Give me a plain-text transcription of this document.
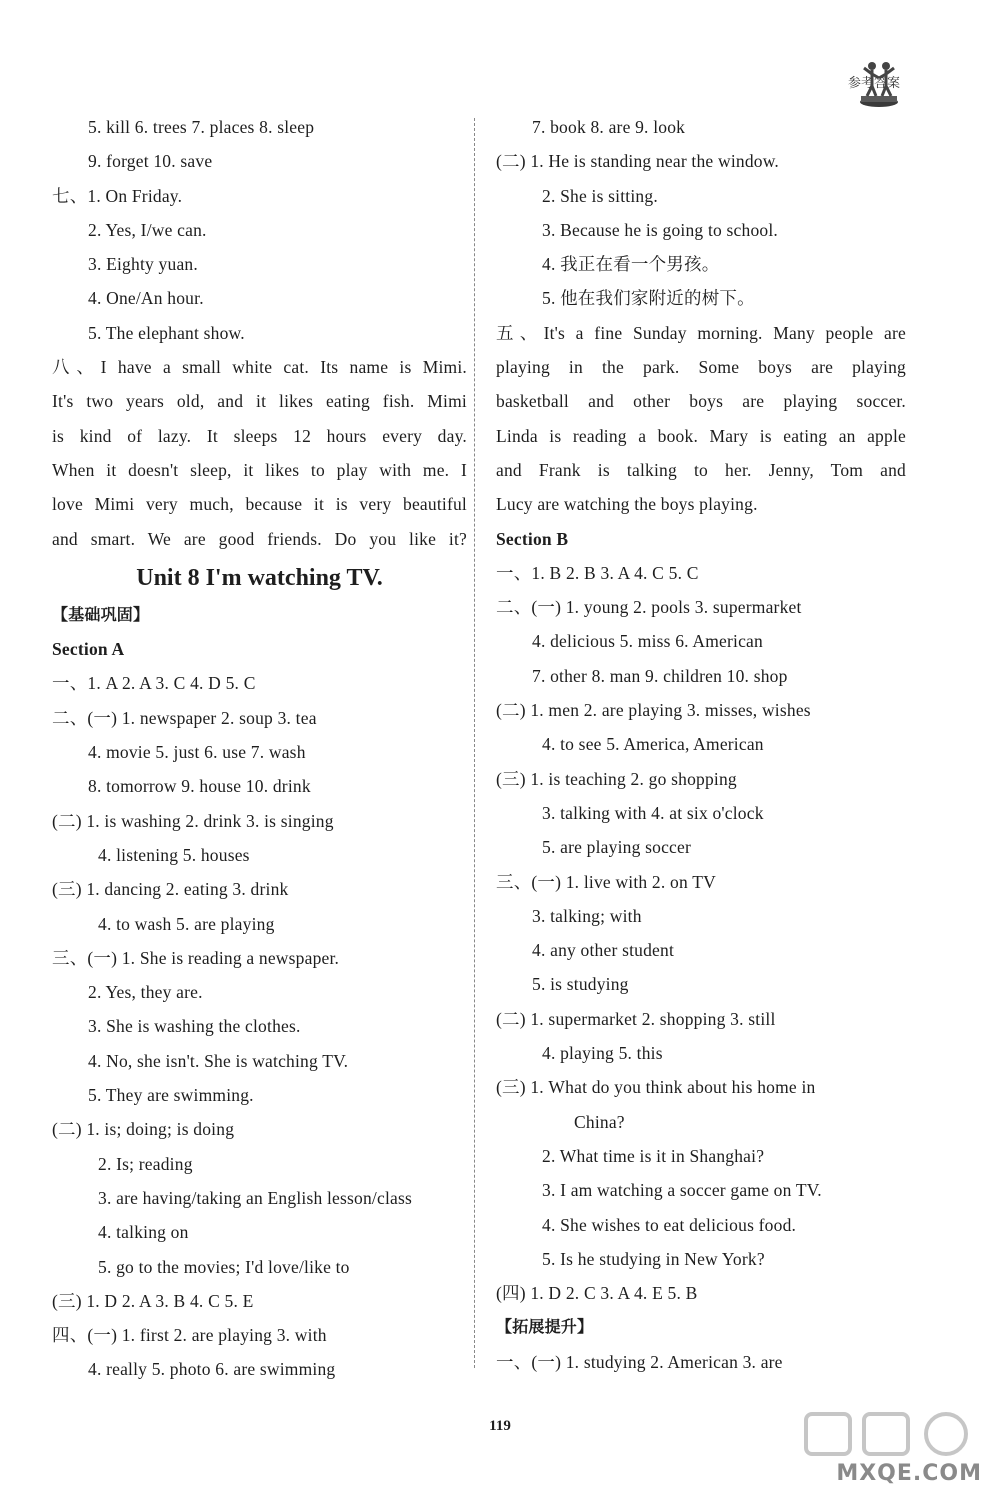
参考答案
5. kill 6. trees 7. places 8. sleep
9. forget 10. save
七、1. On Friday.
2. Yes, I/we can.
3. Eighty yuan.
4. One/An hour.
5. The elephant show.
八、I have a small white cat. Its name is Mimi.
It's two years old, and it likes eating fish. Mimi
is kind of lazy. It sleeps 12 hours every day.
When it doesn't sleep, it likes to play with me. I
love Mimi very much, because it is very beautiful
and smart. We are good friends. Do you like it?
Unit 8 I'm watching TV.
【基础巩固】
Section A
一、1. A 2. A 3. C 4. D 5. C
二、(一) 1. newspaper 2. soup 3. tea
4. movie 5. just 6. use 7. wash
8. tomorrow 9. house 10. drink
(二) 1. is washing 2. drink 3. is singing
4. listening 5. houses
(三) 1. dancing 2. eating 3. drink
4. to wash 5. are playing
三、(一) 1. She is reading a newspaper.
2. Yes, they are.
3. She is washing the clothes.
4. No, she isn't. She is watching TV.
5. They are swimming.
(二) 1. is; doing; is doing
2. Is; reading
3. are having/taking an English lesson/class
4. talking on
5. go to the movies; I'd love/like to
(三) 1. D 2. A 3. B 4. C 5. E
四、(一) 1. first 2. are playing 3. with
4. really 5. photo 6. are swimming
7. book 8. are 9. look
(二) 1. He is standing near the window.
2. She is sitting.
3. Because he is going to school.
4. 我正在看一个男孩。
5. 他在我们家附近的树下。
五、It's a fine Sunday morning. Many people are
playing in the park. Some boys are playing
basketball and other boys are playing soccer.
Linda is reading a book. Mary is eating an apple
and Frank is talking to her. Jenny, Tom and
Lucy are watching the boys playing.
Section B
一、1. B 2. B 3. A 4. C 5. C
二、(一) 1. young 2. pools 3. supermarket
4. delicious 5. miss 6. American
7. other 8. man 9. children 10. shop
(二) 1. men 2. are playing 3. misses, wishes
4. to see 5. America, American
(三) 1. is teaching 2. go shopping
3. talking with 4. at six o'clock
5. are playing soccer
三、(一) 1. live with 2. on TV
3. talking; with
4. any other student
5. is studying
(二) 1. supermarket 2. shopping 3. still
4. playing 5. this
(三) 1. What do you think about his home in
China?
2. What time is it in Shanghai?
3. I am watching a soccer game on TV.
4. She wishes to eat delicious food.
5. Is he studying in New York?
(四) 1. D 2. C 3. A 4. E 5. B
【拓展提升】
一、(一) 1. studying 2. American 3. are
119
MXQE.COM
